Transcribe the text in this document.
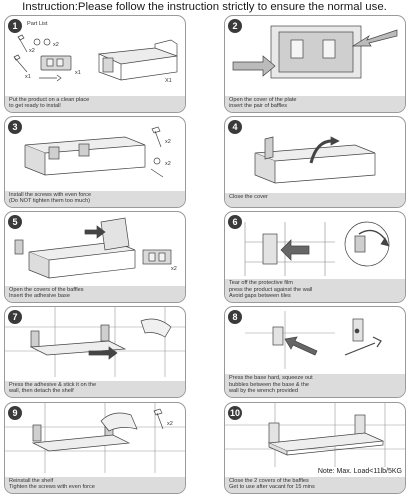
Instruction:Please follow the instruction strictly to ensure the normal use.
1	Part List
x2
x2
x1
x1
X1
Put the product on a clean place
to get ready to install
2
Open the cover of the plate
insert the pair of baffles
3
x2
x2
Install the screws with even force
(Do NOT tighten them too much)
4
Close the cover
5
x2
Open the covers of the baffles
Insert the adhesive base
6
Tear off the protective film
press the product against the wall
Avoid gaps between tiles
7
Press the adhesive & stick it on the
wall, then detach the shelf
8
Press the base hard, squeeze out
bubbles between the base & the
wall by the wrench provided
9
x2
Reinstall the shelf
Tighten the screws with even force
10
Note: Max. Load<11lb/5KG
Close the 2 covers of the baffles
Get to use after vacant for 15 mins
